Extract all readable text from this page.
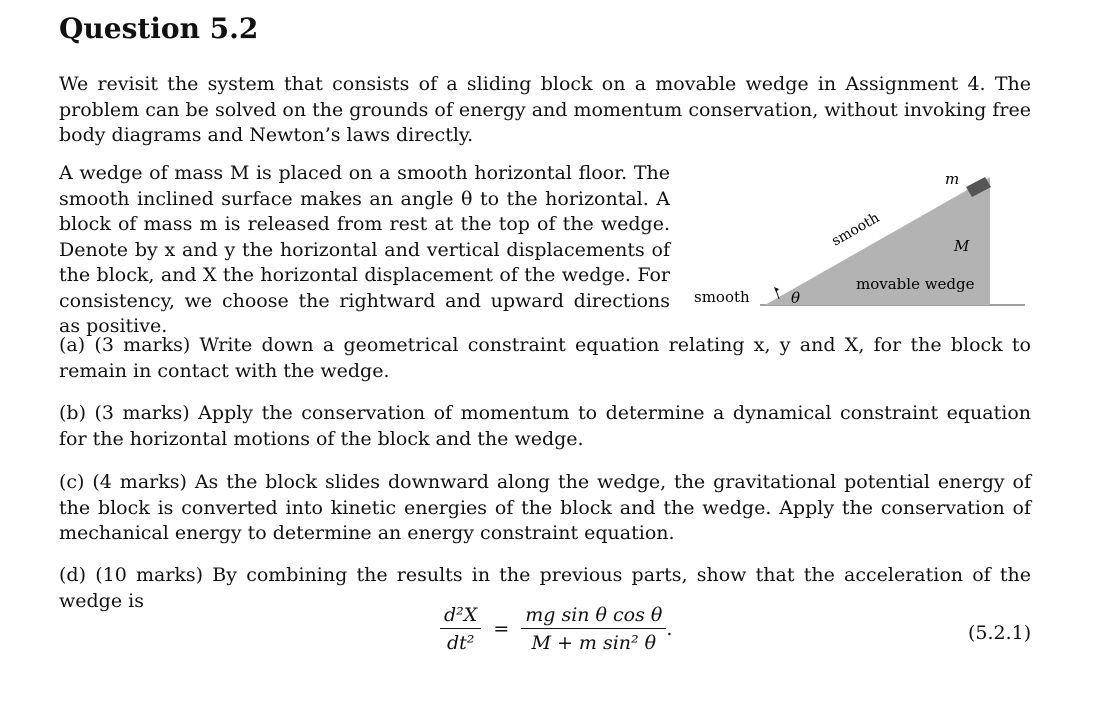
Question 5.2

We revisit the system that consists of a sliding block on a movable wedge in Assignment 4. The problem can be solved on the grounds of energy and momentum conservation, without invoking free body diagrams and Newton’s laws directly.

A wedge of mass M is placed on a smooth horizontal floor. The smooth inclined surface makes an angle θ to the horizontal. A block of mass m is released from rest at the top of the wedge. Denote by x and y the horizontal and vertical displacements of the block, and X the horizontal displacement of the wedge. For consistency, we choose the rightward and upward directions as positive.

m
M
smooth
smooth
movable wedge
θ

(a) (3 marks) Write down a geometrical constraint equation relating x, y and X, for the block to remain in contact with the wedge.

(b) (3 marks) Apply the conservation of momentum to determine a dynamical constraint equation for the horizontal motions of the block and the wedge.

(c) (4 marks) As the block slides downward along the wedge, the gravitational potential energy of the block is converted into kinetic energies of the block and the wedge. Apply the conservation of mechanical energy to determine an energy constraint equation.

(d) (10 marks) By combining the results in the previous parts, show that the acceleration of the wedge is

$\frac{\text{d²X}}{\text{dt²}} = \frac{\text{mg sin θ cos θ}}{\text{M + m sin² θ}}$ .	(5.2.1)
